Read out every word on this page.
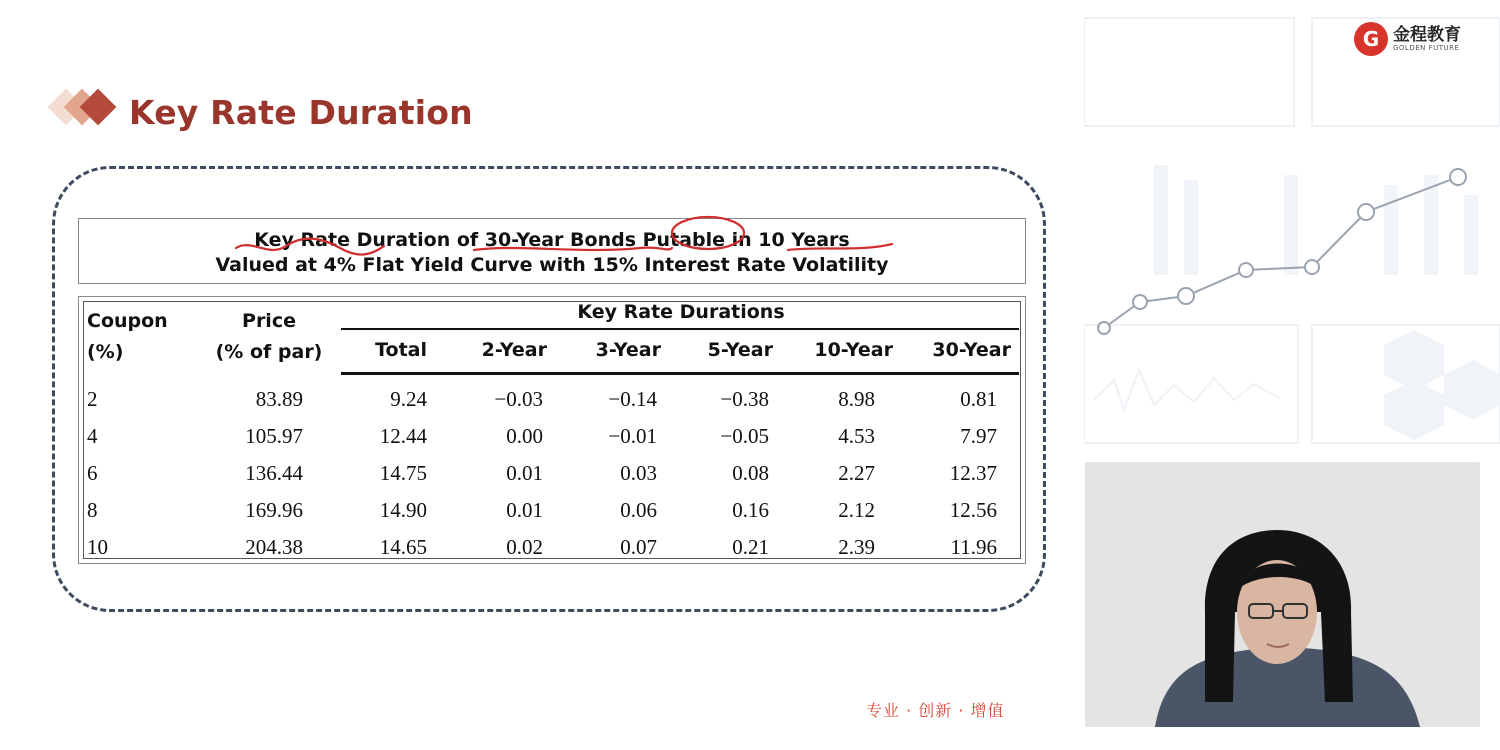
G 金程教育
GOLDEN FUTURE
Key Rate Duration
Key Rate Duration of 30-Year Bonds Putable in 10 Years
Valued at 4% Flat Yield Curve with 15% Interest Rate Volatility
Coupon
(%)
Price
(% of par)
Key Rate Durations
Total	2-Year	3-Year	5-Year	10-Year	30-Year
2	83.89	9.24	−0.03	−0.14	−0.38	8.98	0.81
4	105.97	12.44	0.00	−0.01	−0.05	4.53	7.97
6	136.44	14.75	0.01	0.03	0.08	2.27	12.37
8	169.96	14.90	0.01	0.06	0.16	2.12	12.56
10	204.38	14.65	0.02	0.07	0.21	2.39	11.96
专业 · 创新 · 增值
